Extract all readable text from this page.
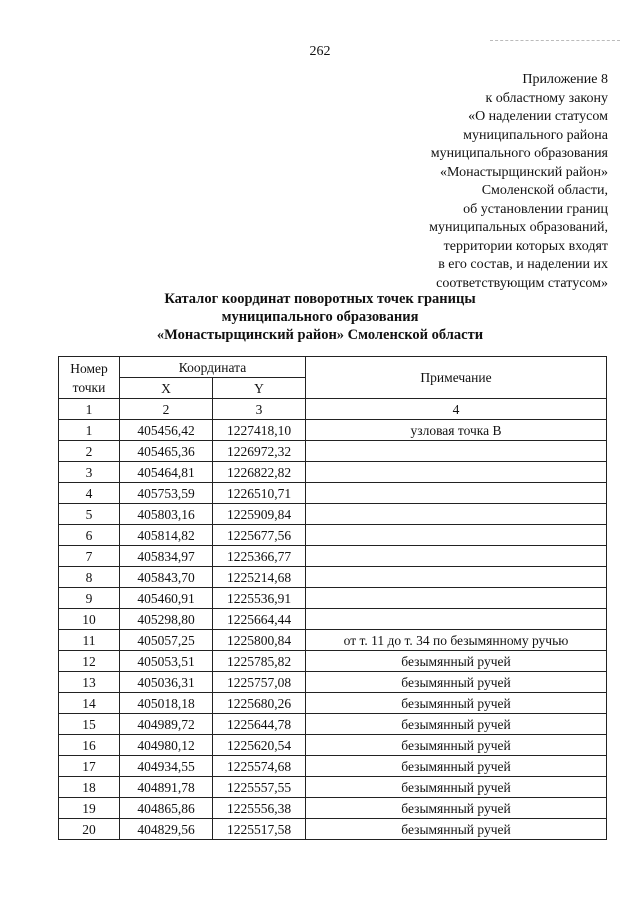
262
Приложение 8
к областному закону
«О наделении статусом
муниципального района
муниципального образования
«Монастырщинский район»
Смоленской области,
об установлении границ
муниципальных образований,
территории которых входят
в его состав, и наделении их
соответствующим статусом»
Каталог координат поворотных точек границы
муниципального образования
«Монастырщинский район» Смоленской области
Номер точки	Координата		Примечание
	X	Y	
1	2	3	4
1	405456,42	1227418,10	узловая точка В
2	405465,36	1226972,32	
3	405464,81	1226822,82	
4	405753,59	1226510,71	
5	405803,16	1225909,84	
6	405814,82	1225677,56	
7	405834,97	1225366,77	
8	405843,70	1225214,68	
9	405460,91	1225536,91	
10	405298,80	1225664,44	
11	405057,25	1225800,84	от т. 11 до т. 34 по безымянному ручью
12	405053,51	1225785,82	безымянный ручей
13	405036,31	1225757,08	безымянный ручей
14	405018,18	1225680,26	безымянный ручей
15	404989,72	1225644,78	безымянный ручей
16	404980,12	1225620,54	безымянный ручей
17	404934,55	1225574,68	безымянный ручей
18	404891,78	1225557,55	безымянный ручей
19	404865,86	1225556,38	безымянный ручей
20	404829,56	1225517,58	безымянный ручей
